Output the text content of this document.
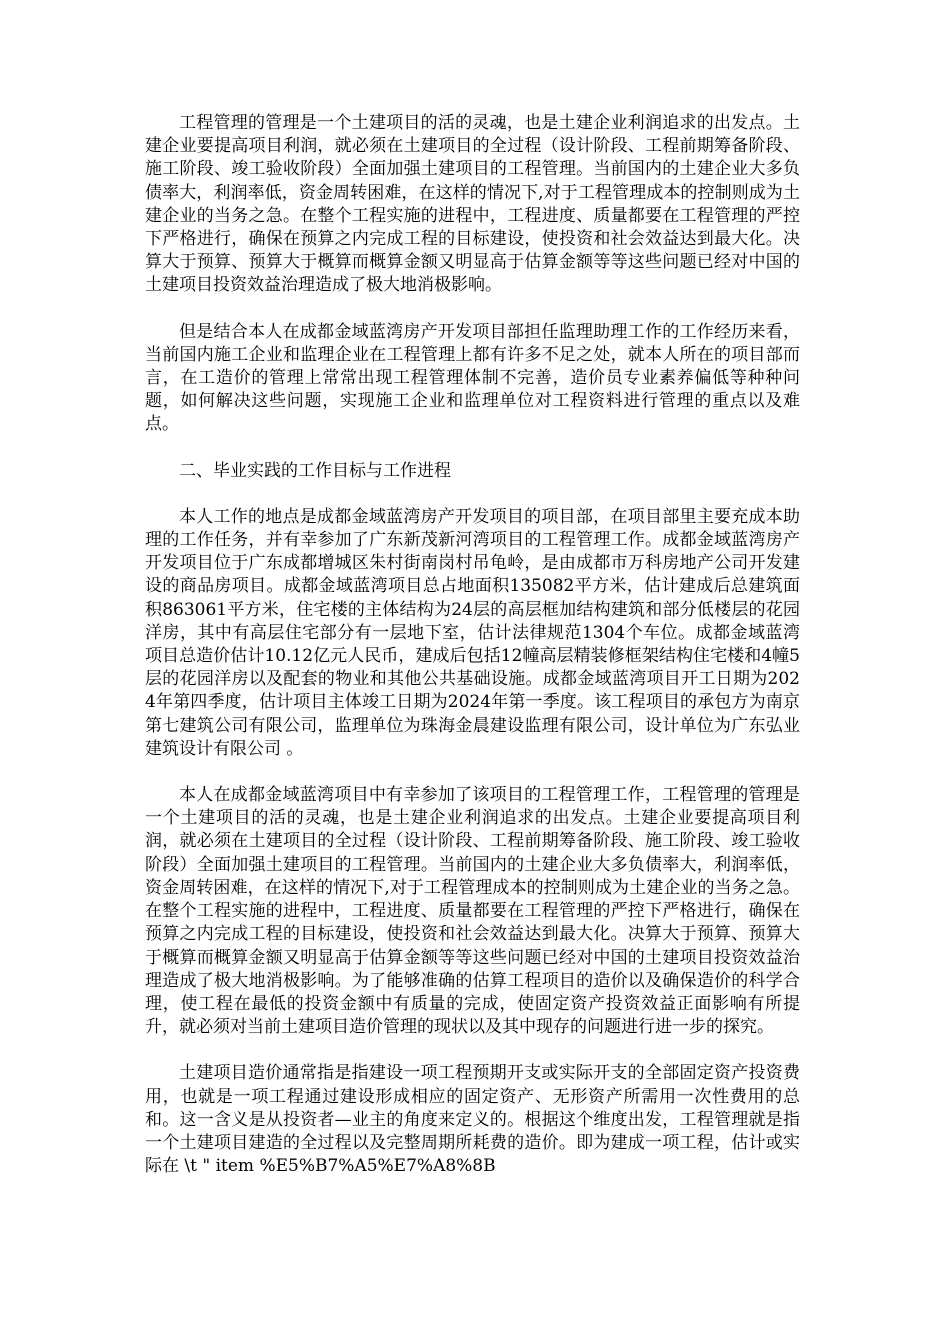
工程管理的管理是一个土建项目的活的灵魂，也是土建企业利润追求的出发点。土建企业要提高项目利润，就必须在土建项目的全过程（设计阶段、工程前期筹备阶段、施工阶段、竣工验收阶段）全面加强土建项目的工程管理。当前国内的土建企业大多负债率大，利润率低，资金周转困难，在这样的情况下,对于工程管理成本的控制则成为土建企业的当务之急。在整个工程实施的进程中，工程进度、质量都要在工程管理的严控下严格进行，确保在预算之内完成工程的目标建设，使投资和社会效益达到最大化。决算大于预算、预算大于概算而概算金额又明显高于估算金额等等这些问题已经对中国的土建项目投资效益治理造成了极大地消极影响。

但是结合本人在成都金域蓝湾房产开发项目部担任监理助理工作的工作经历来看，当前国内施工企业和监理企业在工程管理上都有许多不足之处，就本人所在的项目部而言，在工造价的管理上常常出现工程管理体制不完善，造价员专业素养偏低等种种问题，如何解决这些问题，实现施工企业和监理单位对工程资料进行管理的重点以及难点。

二、毕业实践的工作目标与工作进程

本人工作的地点是成都金域蓝湾房产开发项目的项目部，在项目部里主要充成本助理的工作任务，并有幸参加了广东新茂新河湾项目的工程管理工作。成都金域蓝湾房产开发项目位于广东成都增城区朱村街南岗村吊龟岭，是由成都市万科房地产公司开发建设的商品房项目。成都金域蓝湾项目总占地面积135082平方米，估计建成后总建筑面积863061平方米，住宅楼的主体结构为24层的高层框加结构建筑和部分低楼层的花园洋房，其中有高层住宅部分有一层地下室，估计法律规范1304个车位。成都金域蓝湾项目总造价估计10.12亿元人民币，建成后包括12幢高层精装修框架结构住宅楼和4幢5层的花园洋房以及配套的物业和其他公共基础设施。成都金域蓝湾项目开工日期为2024年第四季度，估计项目主体竣工日期为2024年第一季度。该工程项目的承包方为南京第七建筑公司有限公司，监理单位为珠海金晨建设监理有限公司，设计单位为广东弘业建筑设计有限公司 。

本人在成都金域蓝湾项目中有幸参加了该项目的工程管理工作，工程管理的管理是一个土建项目的活的灵魂，也是土建企业利润追求的出发点。土建企业要提高项目利润，就必须在土建项目的全过程（设计阶段、工程前期筹备阶段、施工阶段、竣工验收阶段）全面加强土建项目的工程管理。当前国内的土建企业大多负债率大，利润率低，资金周转困难，在这样的情况下,对于工程管理成本的控制则成为土建企业的当务之急。在整个工程实施的进程中，工程进度、质量都要在工程管理的严控下严格进行，确保在预算之内完成工程的目标建设，使投资和社会效益达到最大化。决算大于预算、预算大于概算而概算金额又明显高于估算金额等等这些问题已经对中国的土建项目投资效益治理造成了极大地消极影响。为了能够准确的估算工程项目的造价以及确保造价的科学合理，使工程在最低的投资金额中有质量的完成，使固定资产投资效益正面影响有所提升，就必须对当前土建项目造价管理的现状以及其中现存的问题进行进一步的探究。

土建项目造价通常指是指建设一项工程预期开支或实际开支的全部固定资产投资费用，也就是一项工程通过建设形成相应的固定资产、无形资产所需用一次性费用的总和。这一含义是从投资者—业主的角度来定义的。根据这个维度出发，工程管理就是指一个土建项目建造的全过程以及完整周期所耗费的造价。即为建成一项工程，估计或实际在 \t " item %E5%B7%A5%E7%A8%8B
